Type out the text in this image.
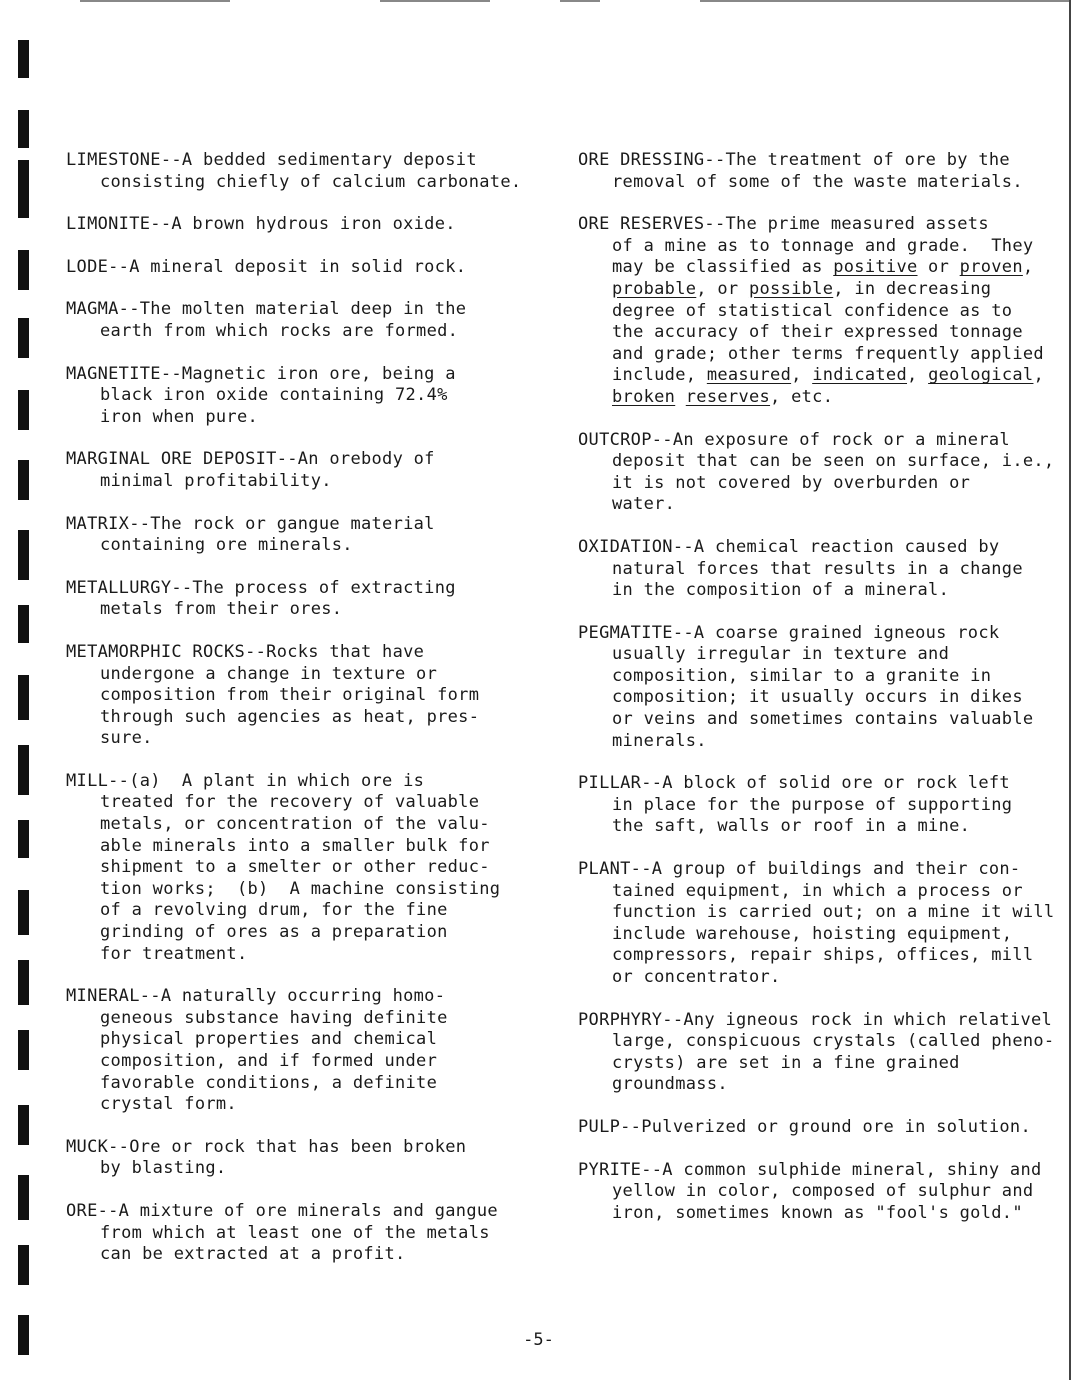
LIMESTONE--A bedded sedimentary deposit
consisting chiefly of calcium carbonate.
LIMONITE--A brown hydrous iron oxide.
LODE--A mineral deposit in solid rock.
MAGMA--The molten material deep in the
earth from which rocks are formed.
MAGNETITE--Magnetic iron ore, being a
black iron oxide containing 72.4%
iron when pure.
MARGINAL ORE DEPOSIT--An orebody of
minimal profitability.
MATRIX--The rock or gangue material
containing ore minerals.
METALLURGY--The process of extracting
metals from their ores.
METAMORPHIC ROCKS--Rocks that have
undergone a change in texture or
composition from their original form
through such agencies as heat, pres-
sure.
MILL--(a)  A plant in which ore is
treated for the recovery of valuable
metals, or concentration of the valu-
able minerals into a smaller bulk for
shipment to a smelter or other reduc-
tion works;  (b)  A machine consisting
of a revolving drum, for the fine
grinding of ores as a preparation
for treatment.
MINERAL--A naturally occurring homo-
geneous substance having definite
physical properties and chemical
composition, and if formed under
favorable conditions, a definite
crystal form.
MUCK--Ore or rock that has been broken
by blasting.
ORE--A mixture of ore minerals and gangue
from which at least one of the metals
can be extracted at a profit.
ORE DRESSING--The treatment of ore by the
removal of some of the waste materials.
ORE RESERVES--The prime measured assets
of a mine as to tonnage and grade.  They
may be classified as positive or proven,
probable, or possible, in decreasing
degree of statistical confidence as to
the accuracy of their expressed tonnage
and grade; other terms frequently applied
include, measured, indicated, geological,
broken reserves, etc.
OUTCROP--An exposure of rock or a mineral
deposit that can be seen on surface, i.e.,
it is not covered by overburden or
water.
OXIDATION--A chemical reaction caused by
natural forces that results in a change
in the composition of a mineral.
PEGMATITE--A coarse grained igneous rock
usually irregular in texture and
composition, similar to a granite in
composition; it usually occurs in dikes
or veins and sometimes contains valuable
minerals.
PILLAR--A block of solid ore or rock left
in place for the purpose of supporting
the saft, walls or roof in a mine.
PLANT--A group of buildings and their con-
tained equipment, in which a process or
function is carried out; on a mine it will
include warehouse, hoisting equipment,
compressors, repair ships, offices, mill
or concentrator.
PORPHYRY--Any igneous rock in which relativel
large, conspicuous crystals (called pheno-
crysts) are set in a fine grained
groundmass.
PULP--Pulverized or ground ore in solution.
PYRITE--A common sulphide mineral, shiny and
yellow in color, composed of sulphur and
iron, sometimes known as "fool's gold."
-5-
